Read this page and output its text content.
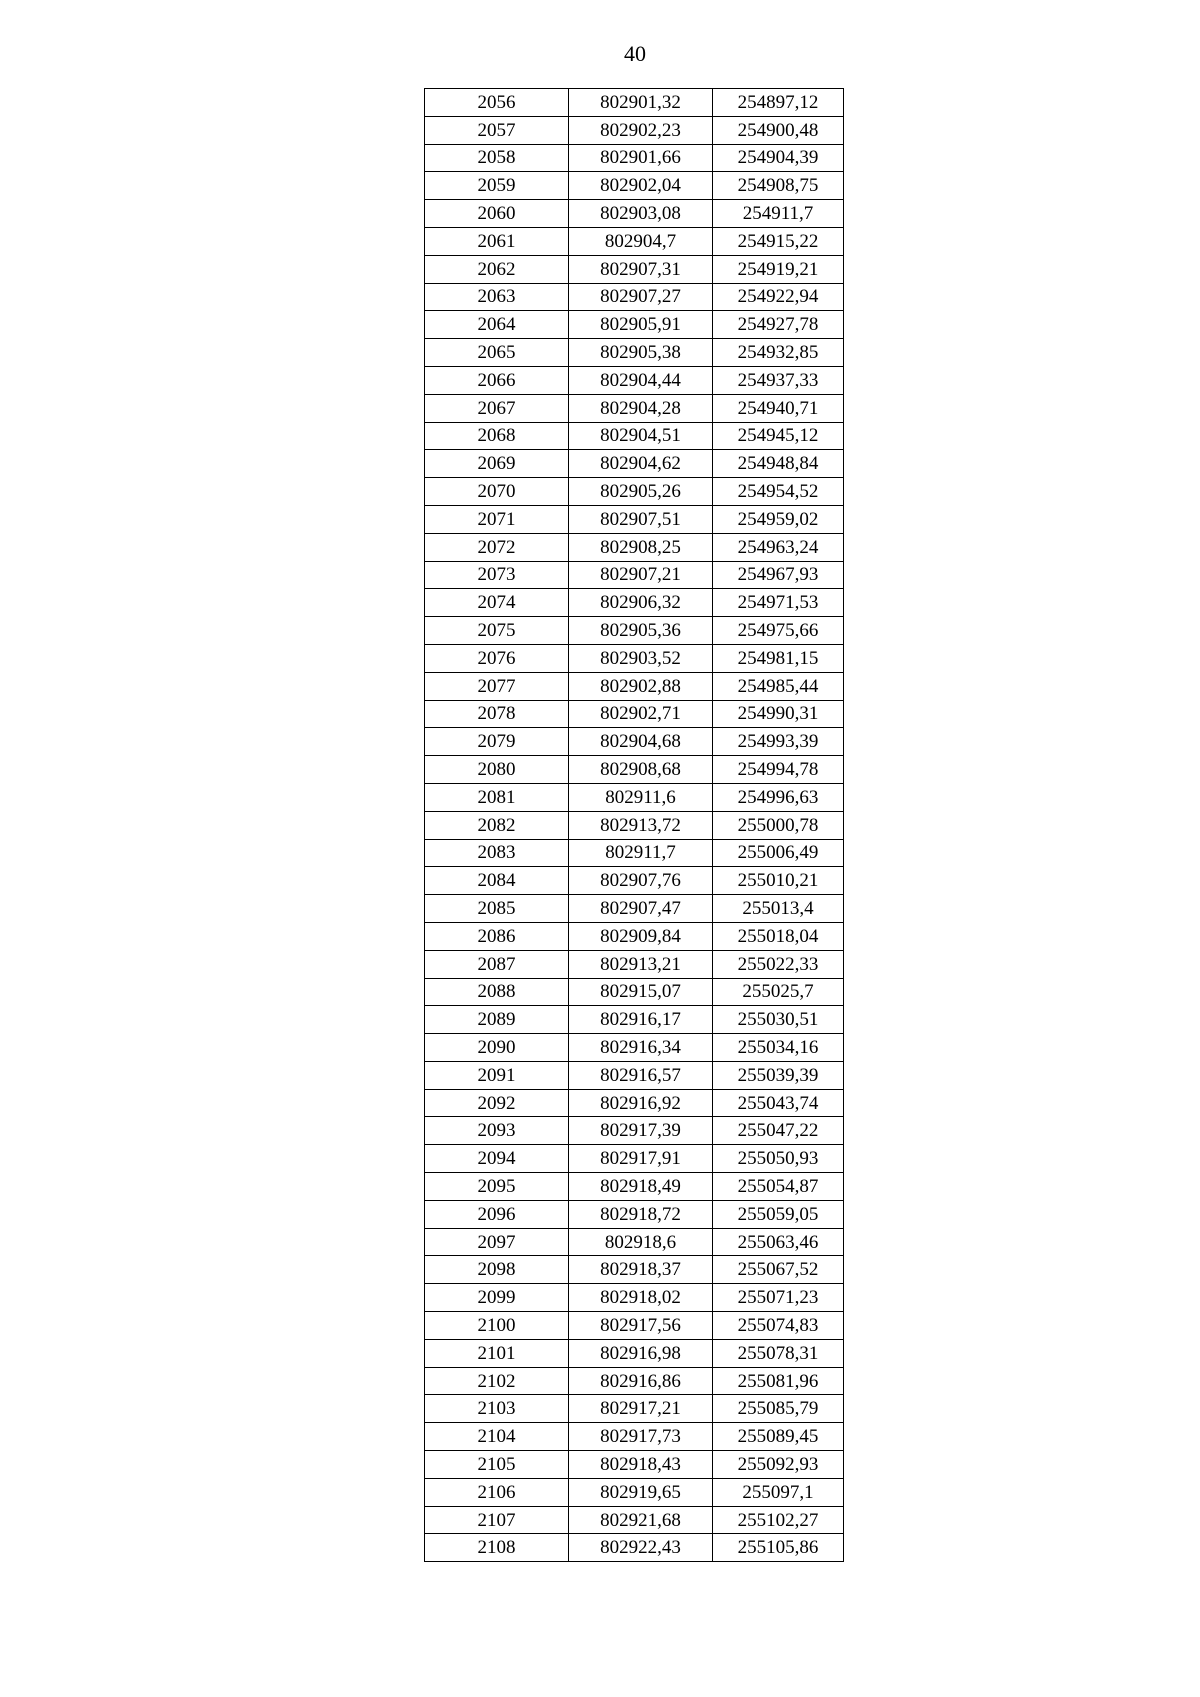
40
2056	802901,32	254897,12
2057	802902,23	254900,48
2058	802901,66	254904,39
2059	802902,04	254908,75
2060	802903,08	254911,7
2061	802904,7	254915,22
2062	802907,31	254919,21
2063	802907,27	254922,94
2064	802905,91	254927,78
2065	802905,38	254932,85
2066	802904,44	254937,33
2067	802904,28	254940,71
2068	802904,51	254945,12
2069	802904,62	254948,84
2070	802905,26	254954,52
2071	802907,51	254959,02
2072	802908,25	254963,24
2073	802907,21	254967,93
2074	802906,32	254971,53
2075	802905,36	254975,66
2076	802903,52	254981,15
2077	802902,88	254985,44
2078	802902,71	254990,31
2079	802904,68	254993,39
2080	802908,68	254994,78
2081	802911,6	254996,63
2082	802913,72	255000,78
2083	802911,7	255006,49
2084	802907,76	255010,21
2085	802907,47	255013,4
2086	802909,84	255018,04
2087	802913,21	255022,33
2088	802915,07	255025,7
2089	802916,17	255030,51
2090	802916,34	255034,16
2091	802916,57	255039,39
2092	802916,92	255043,74
2093	802917,39	255047,22
2094	802917,91	255050,93
2095	802918,49	255054,87
2096	802918,72	255059,05
2097	802918,6	255063,46
2098	802918,37	255067,52
2099	802918,02	255071,23
2100	802917,56	255074,83
2101	802916,98	255078,31
2102	802916,86	255081,96
2103	802917,21	255085,79
2104	802917,73	255089,45
2105	802918,43	255092,93
2106	802919,65	255097,1
2107	802921,68	255102,27
2108	802922,43	255105,86
